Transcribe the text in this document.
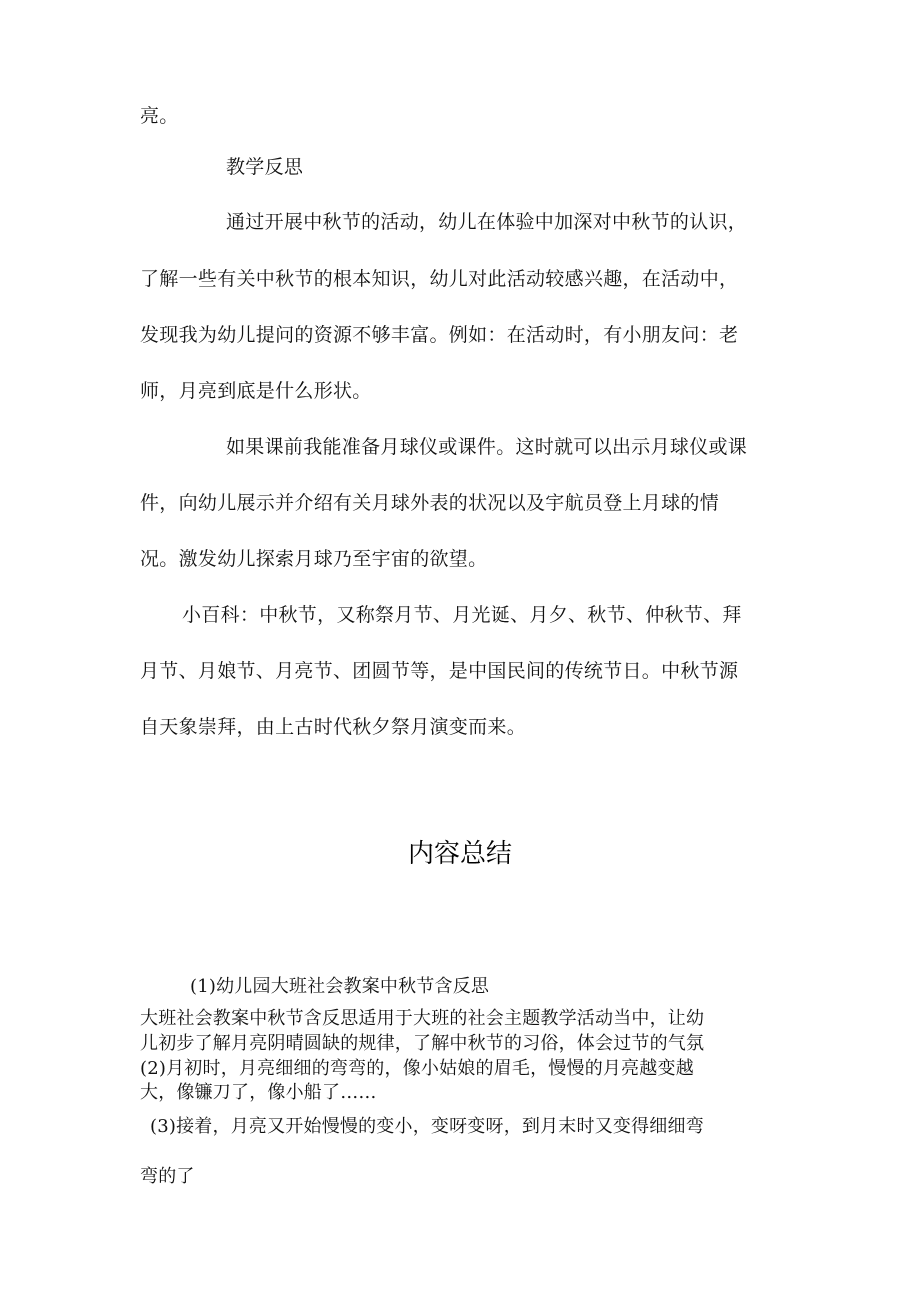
亮。
教学反思
通过开展中秋节的活动，幼儿在体验中加深对中秋节的认识，
了解一些有关中秋节的根本知识，幼儿对此活动较感兴趣，在活动中，
发现我为幼儿提问的资源不够丰富。例如：在活动时，有小朋友问：老
师，月亮到底是什么形状。
如果课前我能准备月球仪或课件。这时就可以出示月球仪或课
件，向幼儿展示并介绍有关月球外表的状况以及宇航员登上月球的情
况。激发幼儿探索月球乃至宇宙的欲望。
小百科：中秋节，又称祭月节、月光诞、月夕、秋节、仲秋节、拜
月节、月娘节、月亮节、团圆节等，是中国民间的传统节日。中秋节源
自天象崇拜，由上古时代秋夕祭月演变而来。
内容总结
(1)幼儿园大班社会教案中秋节含反思
大班社会教案中秋节含反思适用于大班的社会主题教学活动当中，让幼
儿初步了解月亮阴晴圆缺的规律，了解中秋节的习俗，体会过节的气氛
(2)月初时，月亮细细的弯弯的，像小姑娘的眉毛，慢慢的月亮越变越
大，像镰刀了，像小船了……
(3)接着，月亮又开始慢慢的变小，变呀变呀，到月末时又变得细细弯
弯的了
